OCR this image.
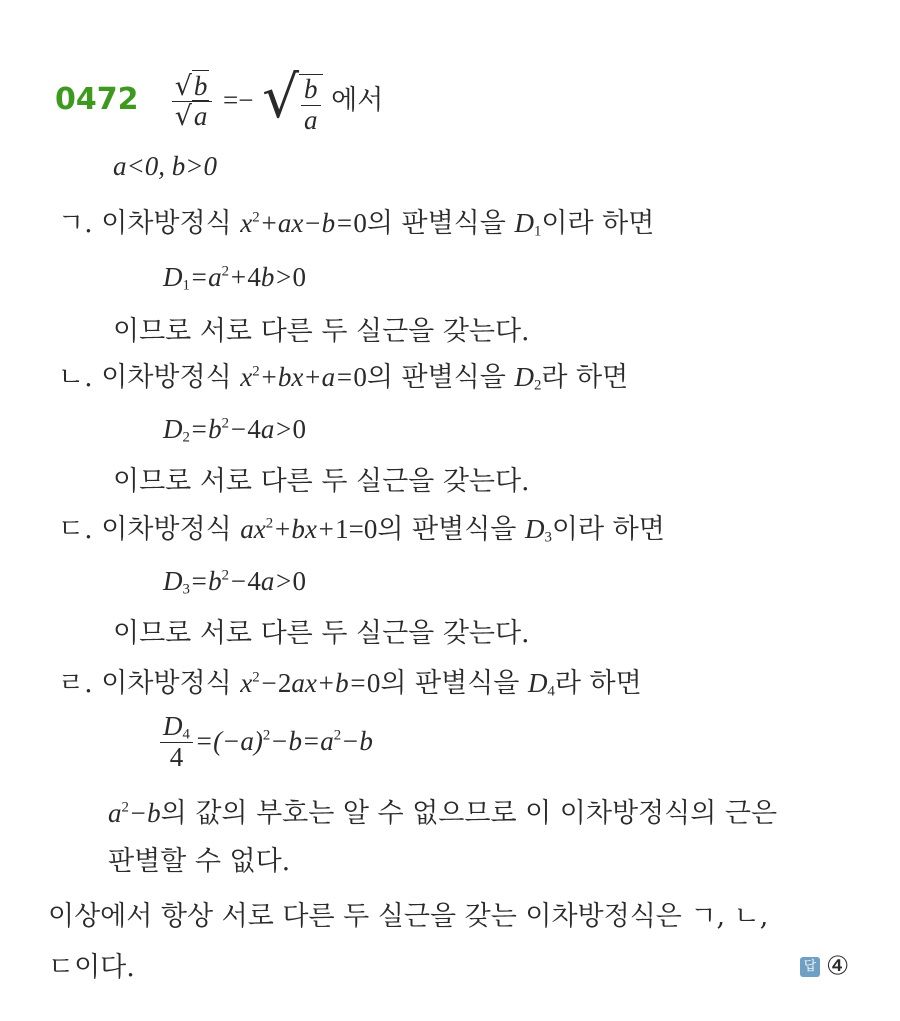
$0472 \frac{√b}{√a}$ =− √ $\frac{b}{a}$ 에서
a<0, b>0
ㄱ. 이차방정식 $x^2+ax-b=0$의 판별식을 $D_1$이라 하면
$D_1=a^2+4b>0$
이므로 서로 다른 두 실근을 갖는다.
ㄴ. 이차방정식 $x^2+bx+a=0$의 판별식을 $D_2$라 하면
$D_2=b^2-4a>0$
이므로 서로 다른 두 실근을 갖는다.
ㄷ. 이차방정식 $ax^2+bx+1=0$의 판별식을 $D_3$이라 하면
$D_3=b^2-4a>0$
이므로 서로 다른 두 실근을 갖는다.
ㄹ. 이차방정식 $x^2-2ax+b=0$의 판별식을 $D_4$라 하면
$\frac{D_4}{4} =(-a)^2-b=a^2-b$
$a^2-b$의 값의 부호는 알 수 없으므로 이 이차방정식의 근은
판별할 수 없다.
이상에서 항상 서로 다른 두 실근을 갖는 이차방정식은 ㄱ, ㄴ,
ㄷ이다.	답 ④
